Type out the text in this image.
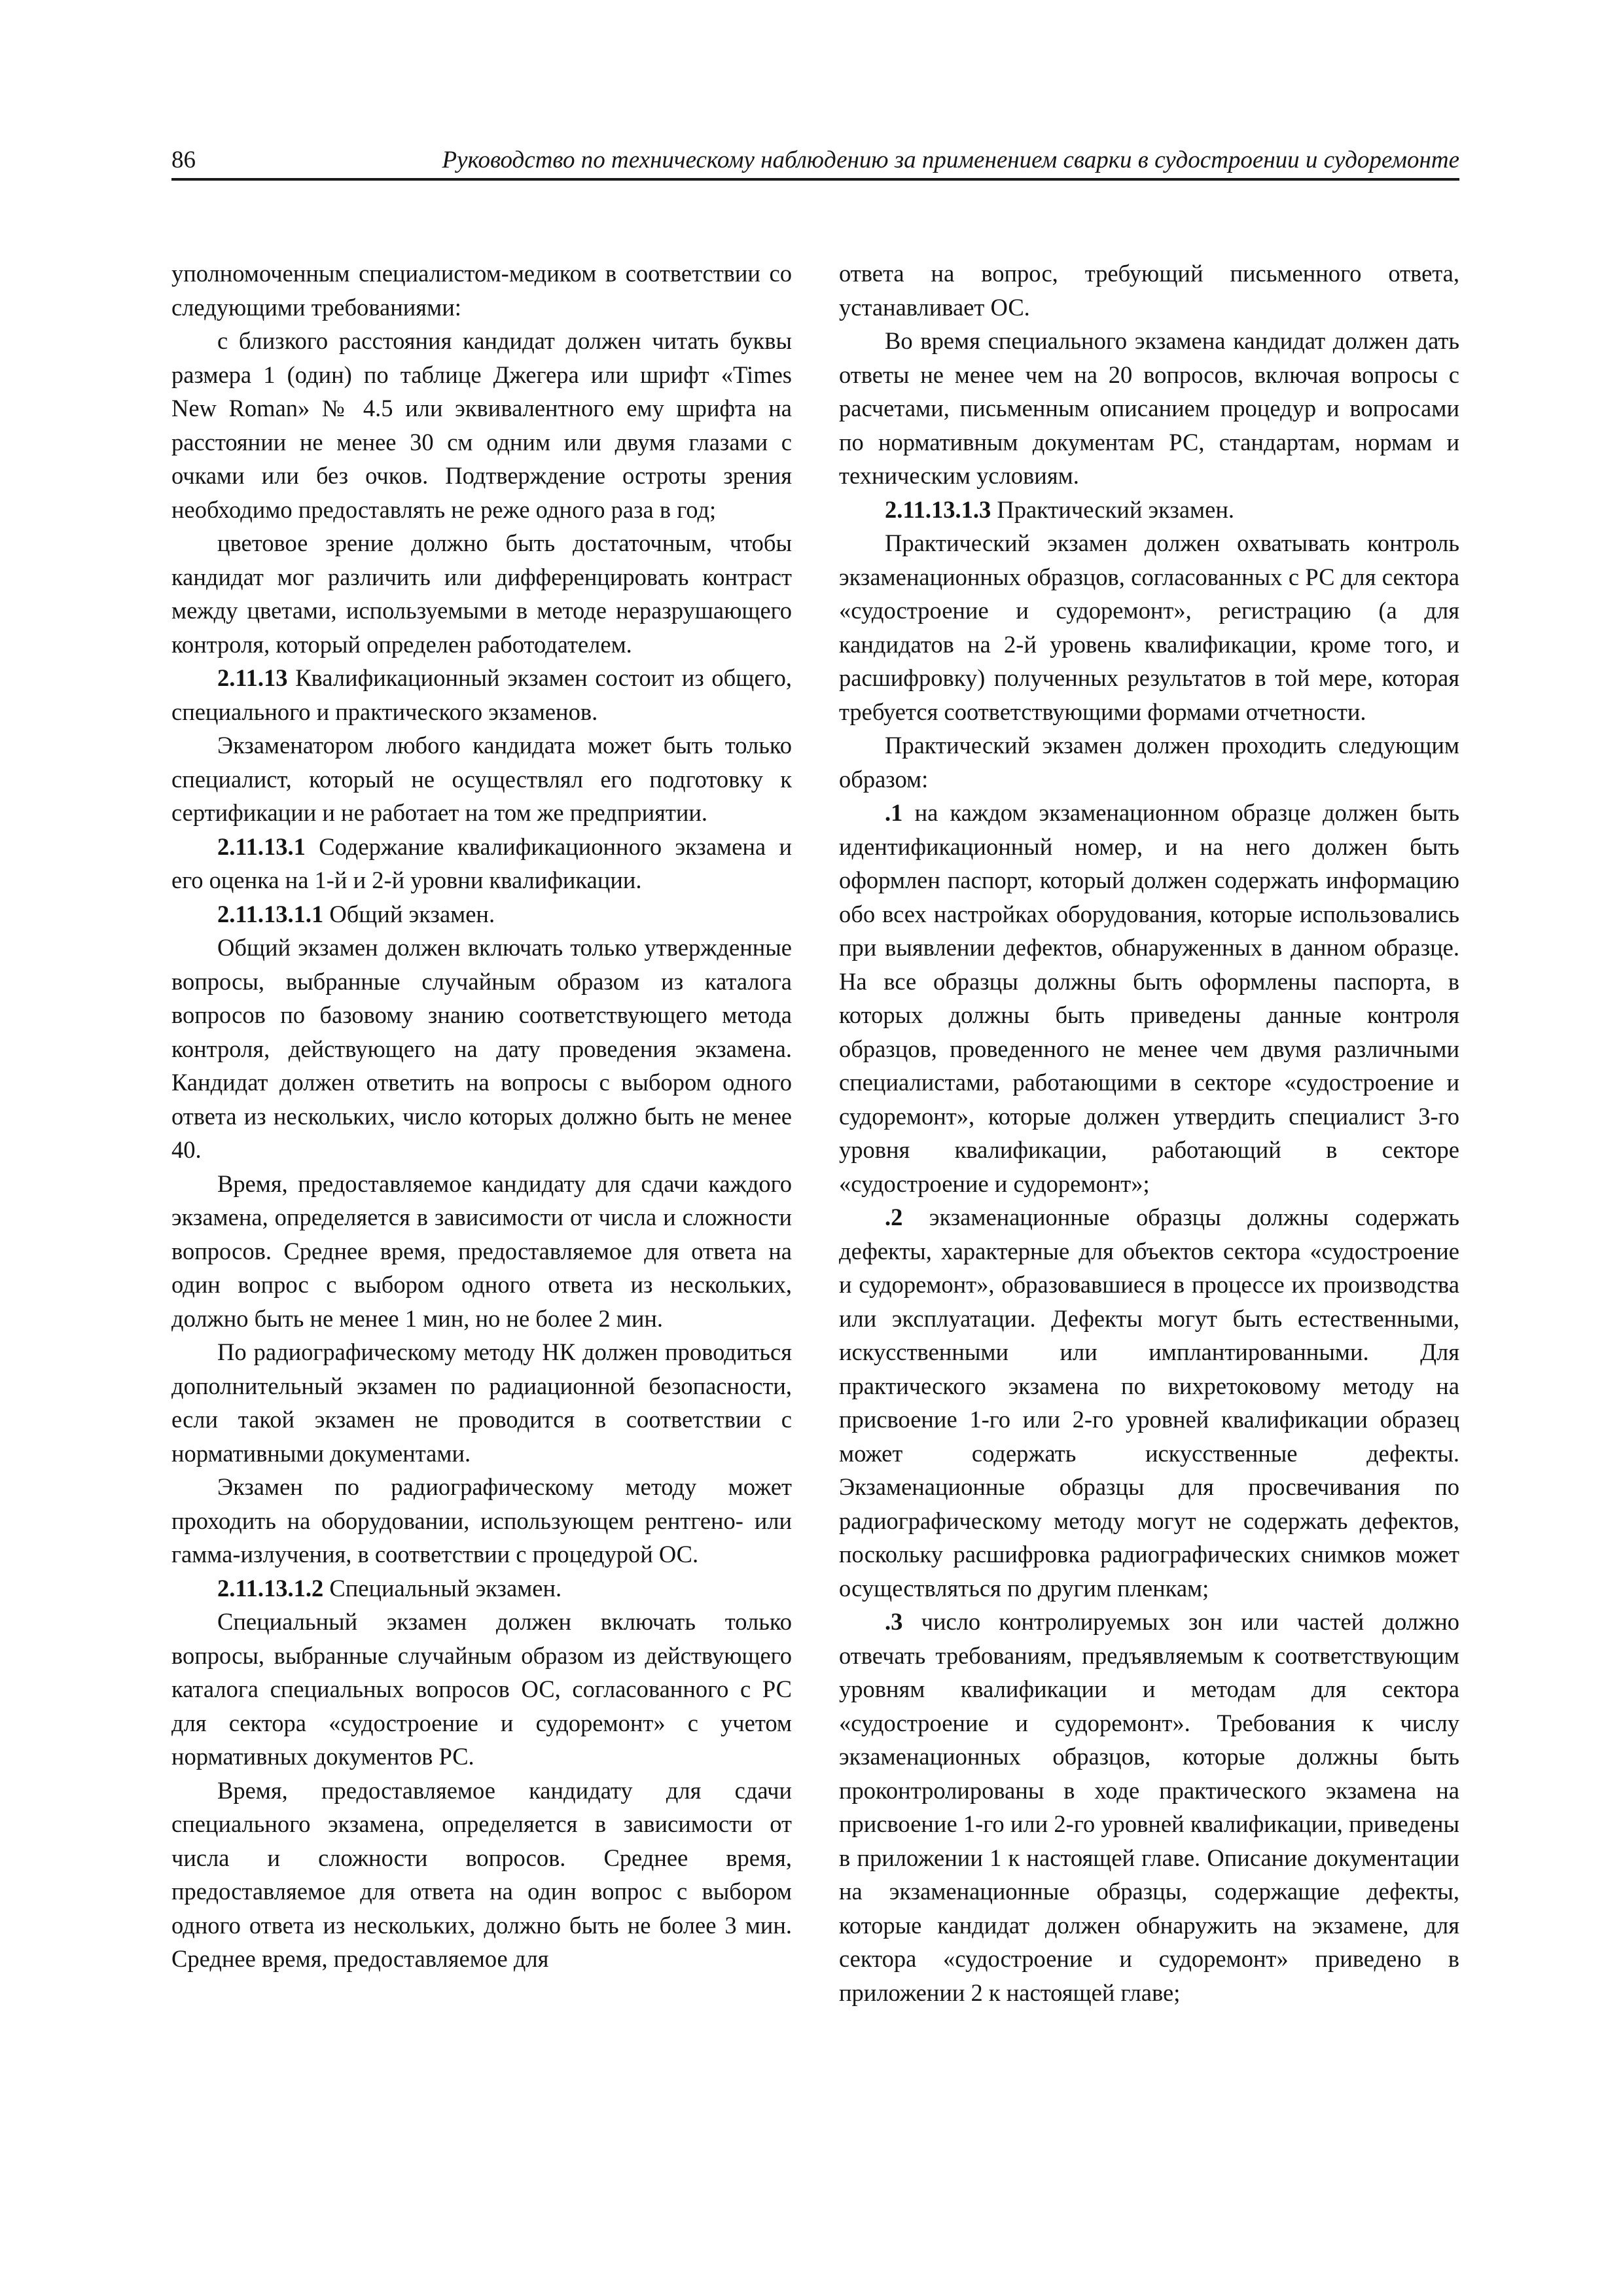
86	Руководство по техническому наблюдению за применением сварки в судостроении и судоремонте

уполномоченным специалистом-медиком в соответствии со следующими требованиями:

с близкого расстояния кандидат должен читать буквы размера 1 (один) по таблице Джегера или шрифт «Times New Roman» № 4.5 или эквивалентного ему шрифта на расстоянии не менее 30 см одним или двумя глазами с очками или без очков. Подтверждение остроты зрения необходимо предоставлять не реже одного раза в год;

цветовое зрение должно быть достаточным, чтобы кандидат мог различить или дифференцировать контраст между цветами, используемыми в методе неразрушающего контроля, который определен работодателем.

2.11.13 Квалификационный экзамен состоит из общего, специального и практического экзаменов.

Экзаменатором любого кандидата может быть только специалист, который не осуществлял его подготовку к сертификации и не работает на том же предприятии.

2.11.13.1 Содержание квалификационного экзамена и его оценка на 1-й и 2-й уровни квалификации.

2.11.13.1.1 Общий экзамен.

Общий экзамен должен включать только утвержденные вопросы, выбранные случайным образом из каталога вопросов по базовому знанию соответствующего метода контроля, действующего на дату проведения экзамена. Кандидат должен ответить на вопросы с выбором одного ответа из нескольких, число которых должно быть не менее 40.

Время, предоставляемое кандидату для сдачи каждого экзамена, определяется в зависимости от числа и сложности вопросов. Среднее время, предоставляемое для ответа на один вопрос с выбором одного ответа из нескольких, должно быть не менее 1 мин, но не более 2 мин.

По радиографическому методу НК должен проводиться дополнительный экзамен по радиационной безопасности, если такой экзамен не проводится в соответствии с нормативными документами.

Экзамен по радиографическому методу может проходить на оборудовании, использующем рентгено- или гамма-излучения, в соответствии с процедурой ОС.

2.11.13.1.2 Специальный экзамен.

Специальный экзамен должен включать только вопросы, выбранные случайным образом из действующего каталога специальных вопросов ОС, согласованного с РС для сектора «судостроение и судоремонт» с учетом нормативных документов РС.

Время, предоставляемое кандидату для сдачи специального экзамена, определяется в зависимости от числа и сложности вопросов. Среднее время, предоставляемое для ответа на один вопрос с выбором одного ответа из нескольких, должно быть не более 3 мин. Среднее время, предоставляемое для

ответа на вопрос, требующий письменного ответа, устанавливает ОС.

Во время специального экзамена кандидат должен дать ответы не менее чем на 20 вопросов, включая вопросы с расчетами, письменным описанием процедур и вопросами по нормативным документам РС, стандартам, нормам и техническим условиям.

2.11.13.1.3 Практический экзамен.

Практический экзамен должен охватывать контроль экзаменационных образцов, согласованных с РС для сектора «судостроение и судоремонт», регистрацию (а для кандидатов на 2-й уровень квалификации, кроме того, и расшифровку) полученных результатов в той мере, которая требуется соответствующими формами отчетности.

Практический экзамен должен проходить следующим образом:

.1 на каждом экзаменационном образце должен быть идентификационный номер, и на него должен быть оформлен паспорт, который должен содержать информацию обо всех настройках оборудования, которые использовались при выявлении дефектов, обнаруженных в данном образце. На все образцы должны быть оформлены паспорта, в которых должны быть приведены данные контроля образцов, проведенного не менее чем двумя различными специалистами, работающими в секторе «судостроение и судоремонт», которые должен утвердить специалист 3-го уровня квалификации, работающий в секторе «судостроение и судоремонт»;

.2 экзаменационные образцы должны содержать дефекты, характерные для объектов сектора «судостроение и судоремонт», образовавшиеся в процессе их производства или эксплуатации. Дефекты могут быть естественными, искусственными или имплантированными. Для практического экзамена по вихретоковому методу на присвоение 1-го или 2-го уровней квалификации образец может содержать искусственные дефекты. Экзаменационные образцы для просвечивания по радиографическому методу могут не содержать дефектов, поскольку расшифровка радиографических снимков может осуществляться по другим пленкам;

.3 число контролируемых зон или частей должно отвечать требованиям, предъявляемым к соответствующим уровням квалификации и методам для сектора «судостроение и судоремонт». Требования к числу экзаменационных образцов, которые должны быть проконтролированы в ходе практического экзамена на присвоение 1-го или 2-го уровней квалификации, приведены в приложении 1 к настоящей главе. Описание документации на экзаменационные образцы, содержащие дефекты, которые кандидат должен обнаружить на экзамене, для сектора «судостроение и судоремонт» приведено в приложении 2 к настоящей главе;
